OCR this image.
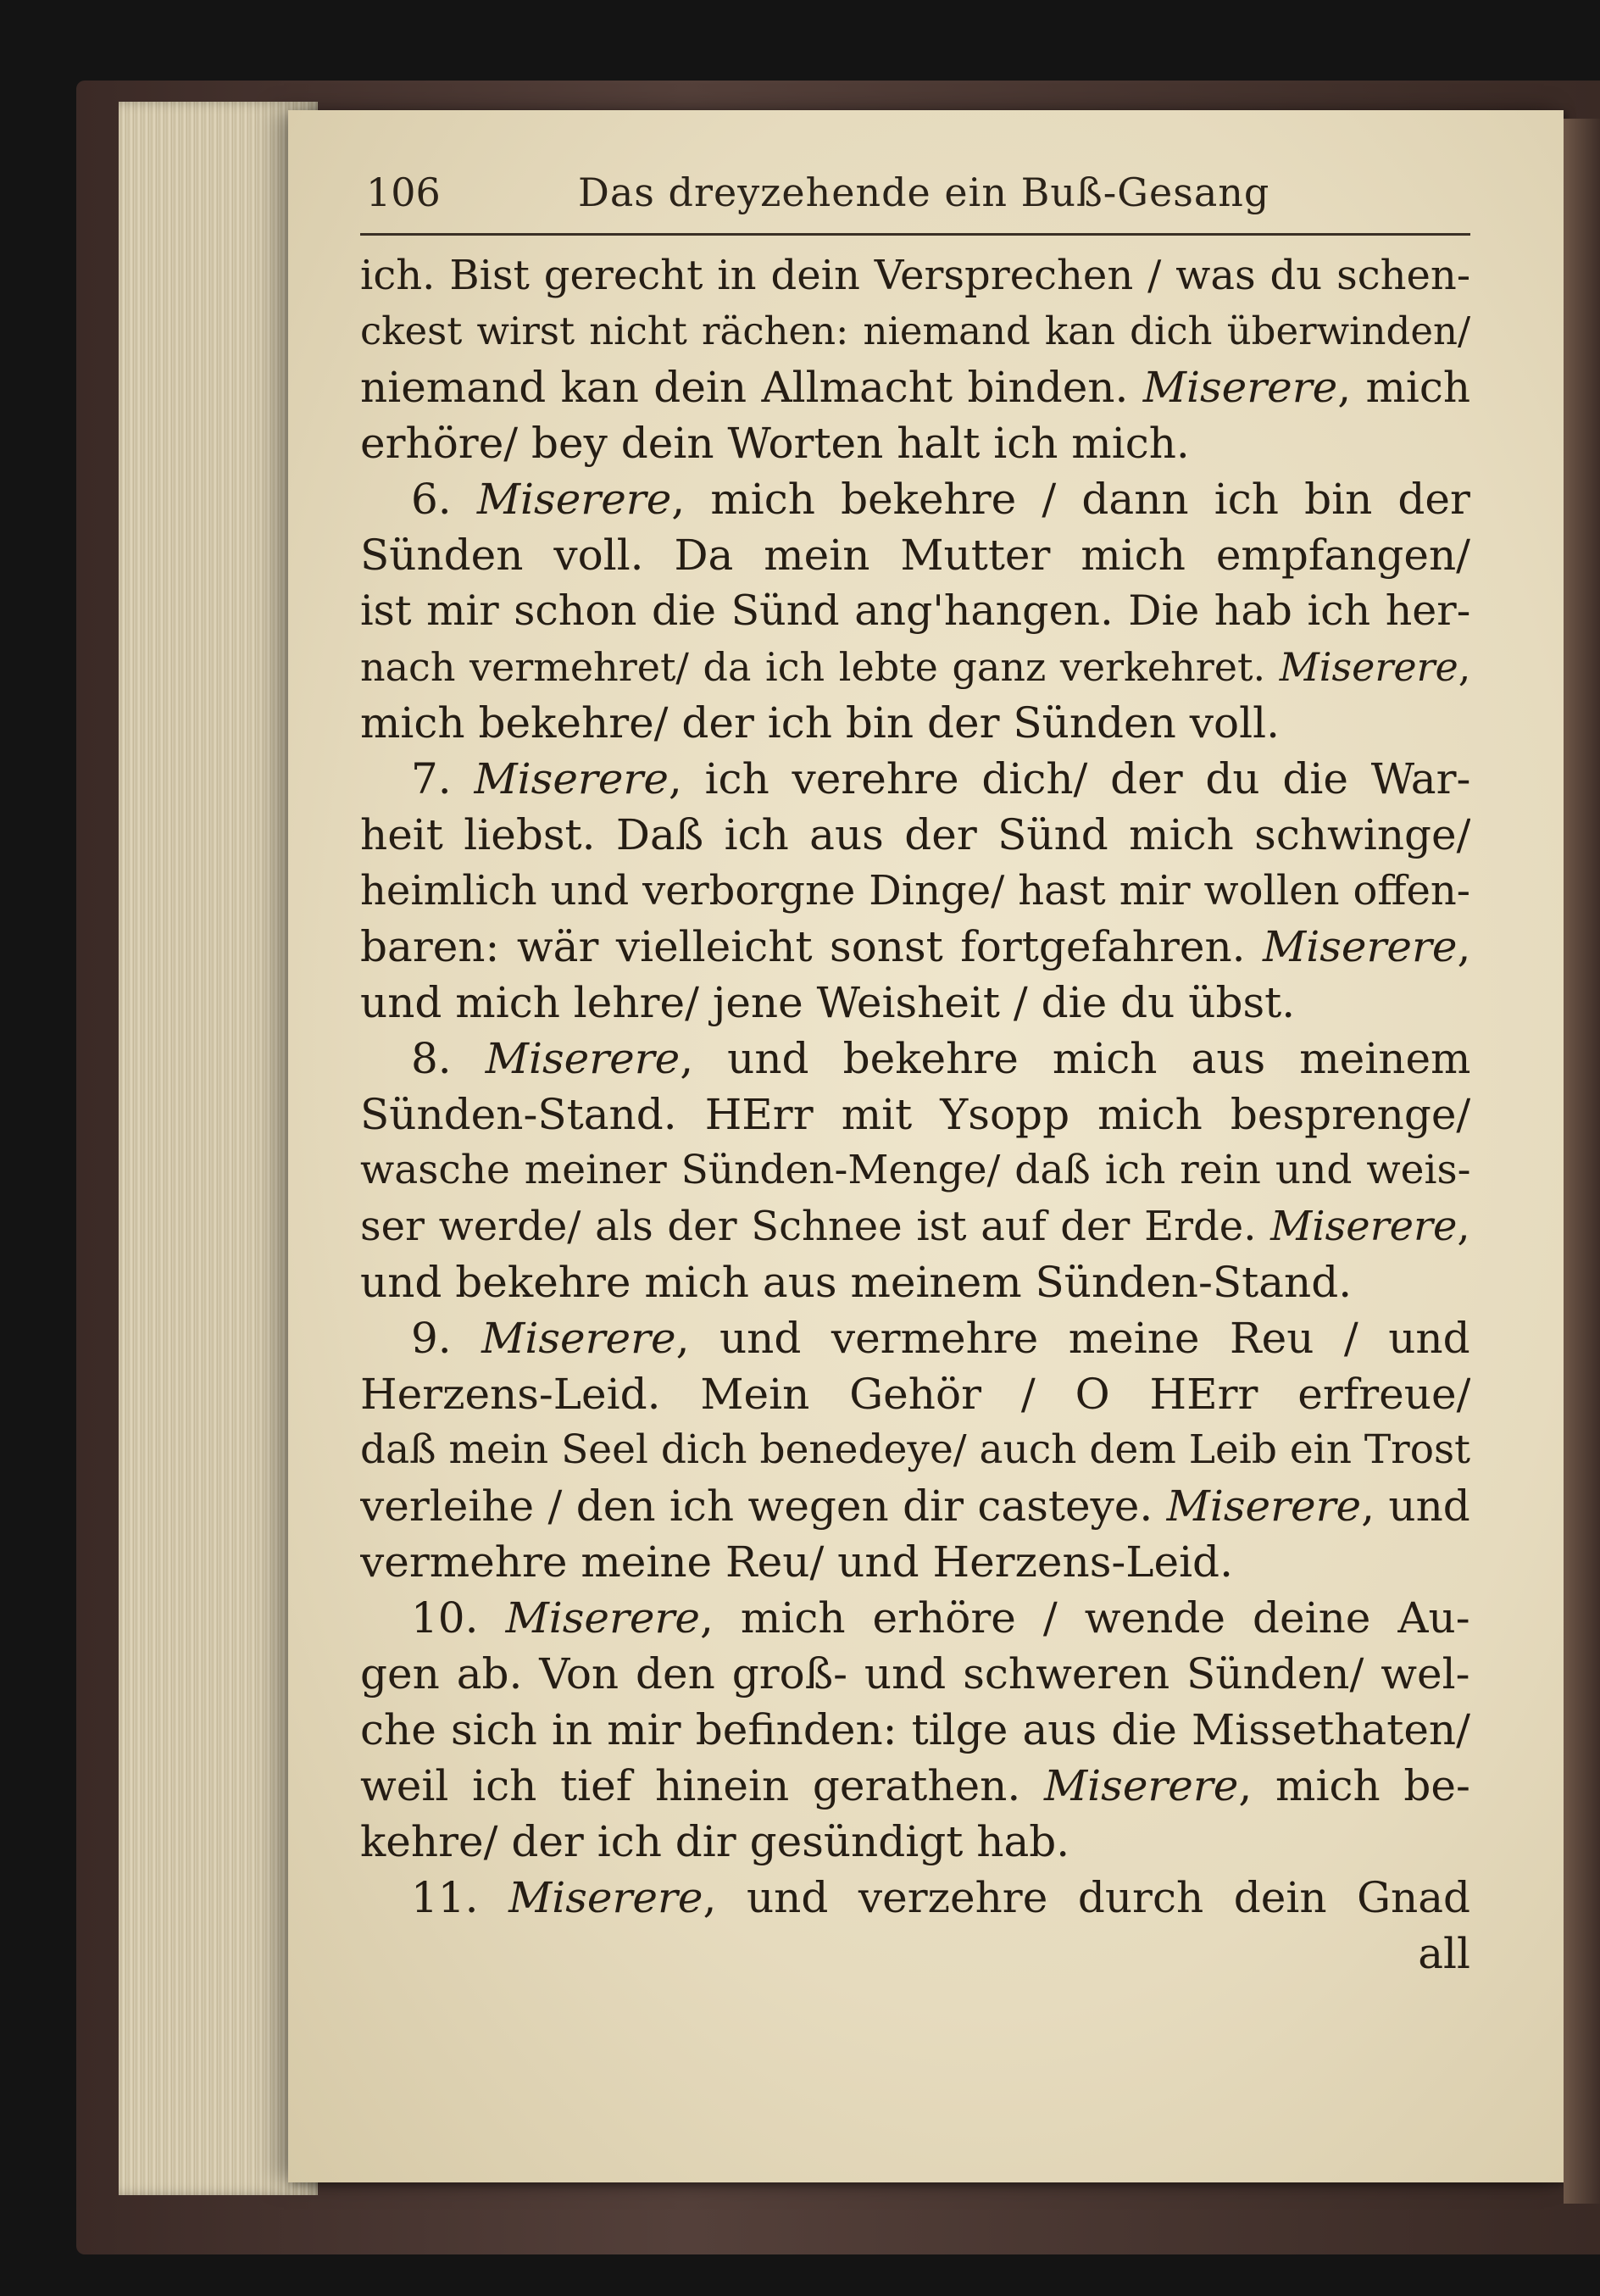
106	Das dreyzehende ein Buß-Gesang
ich. Bist gerecht in dein Versprechen / was du schen-
ckest wirst nicht rächen: niemand kan dich überwinden/
niemand kan dein Allmacht binden. Miserere, mich
erhöre/ bey dein Worten halt ich mich.
6. Miserere, mich bekehre / dann ich bin der
Sünden voll. Da mein Mutter mich empfangen/
ist mir schon die Sünd ang'hangen. Die hab ich her-
nach vermehret/ da ich lebte ganz verkehret. Miserere,
mich bekehre/ der ich bin der Sünden voll.
7. Miserere, ich verehre dich/ der du die War-
heit liebst. Daß ich aus der Sünd mich schwinge/
heimlich und verborgne Dinge/ hast mir wollen offen-
baren: wär vielleicht sonst fortgefahren. Miserere,
und mich lehre/ jene Weisheit / die du übst.
8. Miserere, und bekehre mich aus meinem
Sünden-Stand. HErr mit Ysopp mich besprenge/
wasche meiner Sünden-Menge/ daß ich rein und weis-
ser werde/ als der Schnee ist auf der Erde. Miserere,
und bekehre mich aus meinem Sünden-Stand.
9. Miserere, und vermehre meine Reu / und
Herzens-Leid. Mein Gehör / O HErr erfreue/
daß mein Seel dich benedeye/ auch dem Leib ein Trost
verleihe / den ich wegen dir casteye. Miserere, und
vermehre meine Reu/ und Herzens-Leid.
10. Miserere, mich erhöre / wende deine Au-
gen ab. Von den groß- und schweren Sünden/ wel-
che sich in mir befinden: tilge aus die Missethaten/
weil ich tief hinein gerathen. Miserere, mich be-
kehre/ der ich dir gesündigt hab.
11. Miserere, und verzehre durch dein Gnad
all
